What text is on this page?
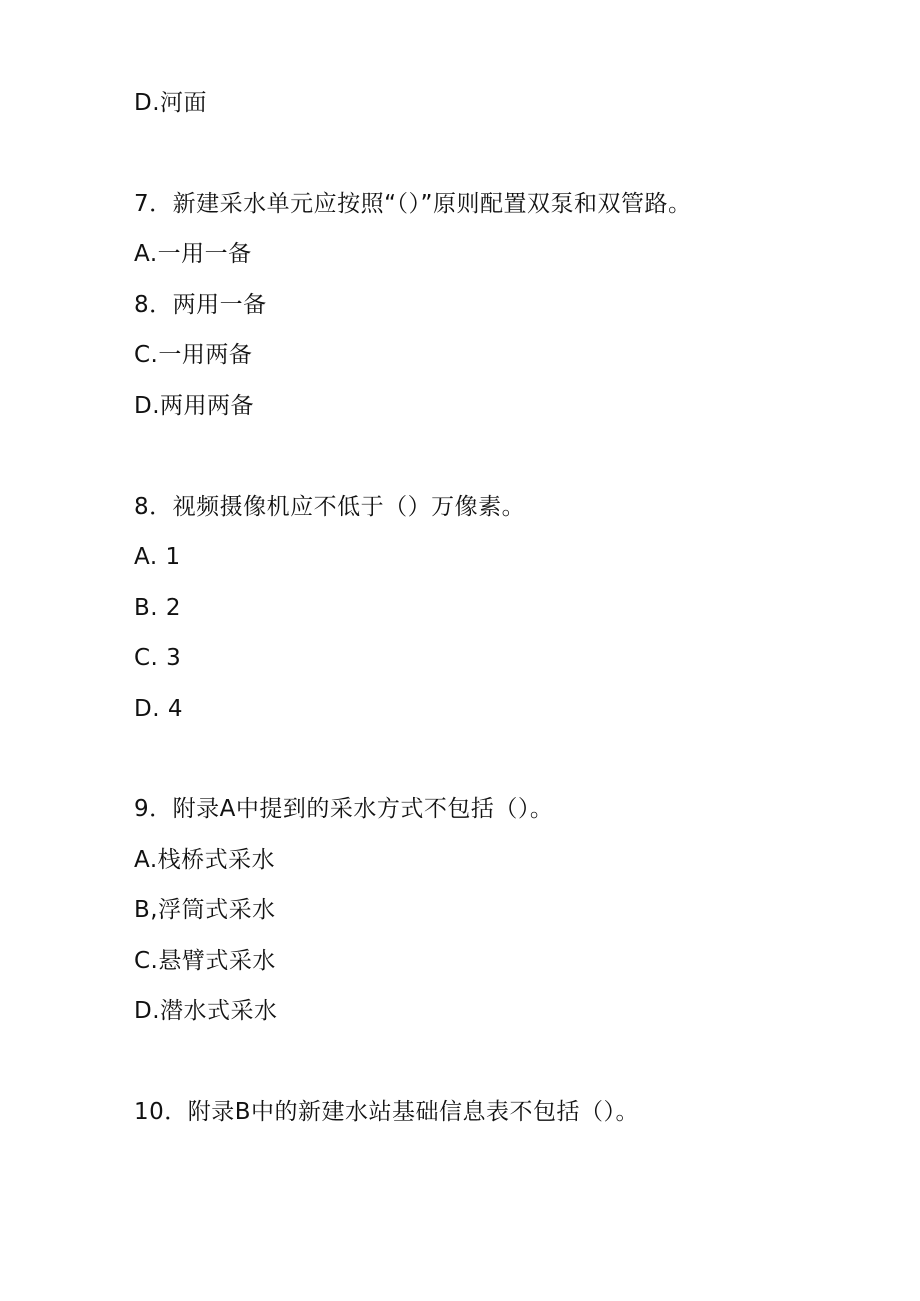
D.河面
7．新建采水单元应按照“（）”原则配置双泵和双管路。
A.一用一备
8．两用一备
C.一用两备
D.两用两备
8．视频摄像机应不低于（）万像素。
A. 1
B. 2
C. 3
D. 4
9．附录A中提到的采水方式不包括（）。
A.栈桥式采水
B,浮筒式采水
C.悬臂式采水
D.潜水式采水
10．附录B中的新建水站基础信息表不包括（）。
